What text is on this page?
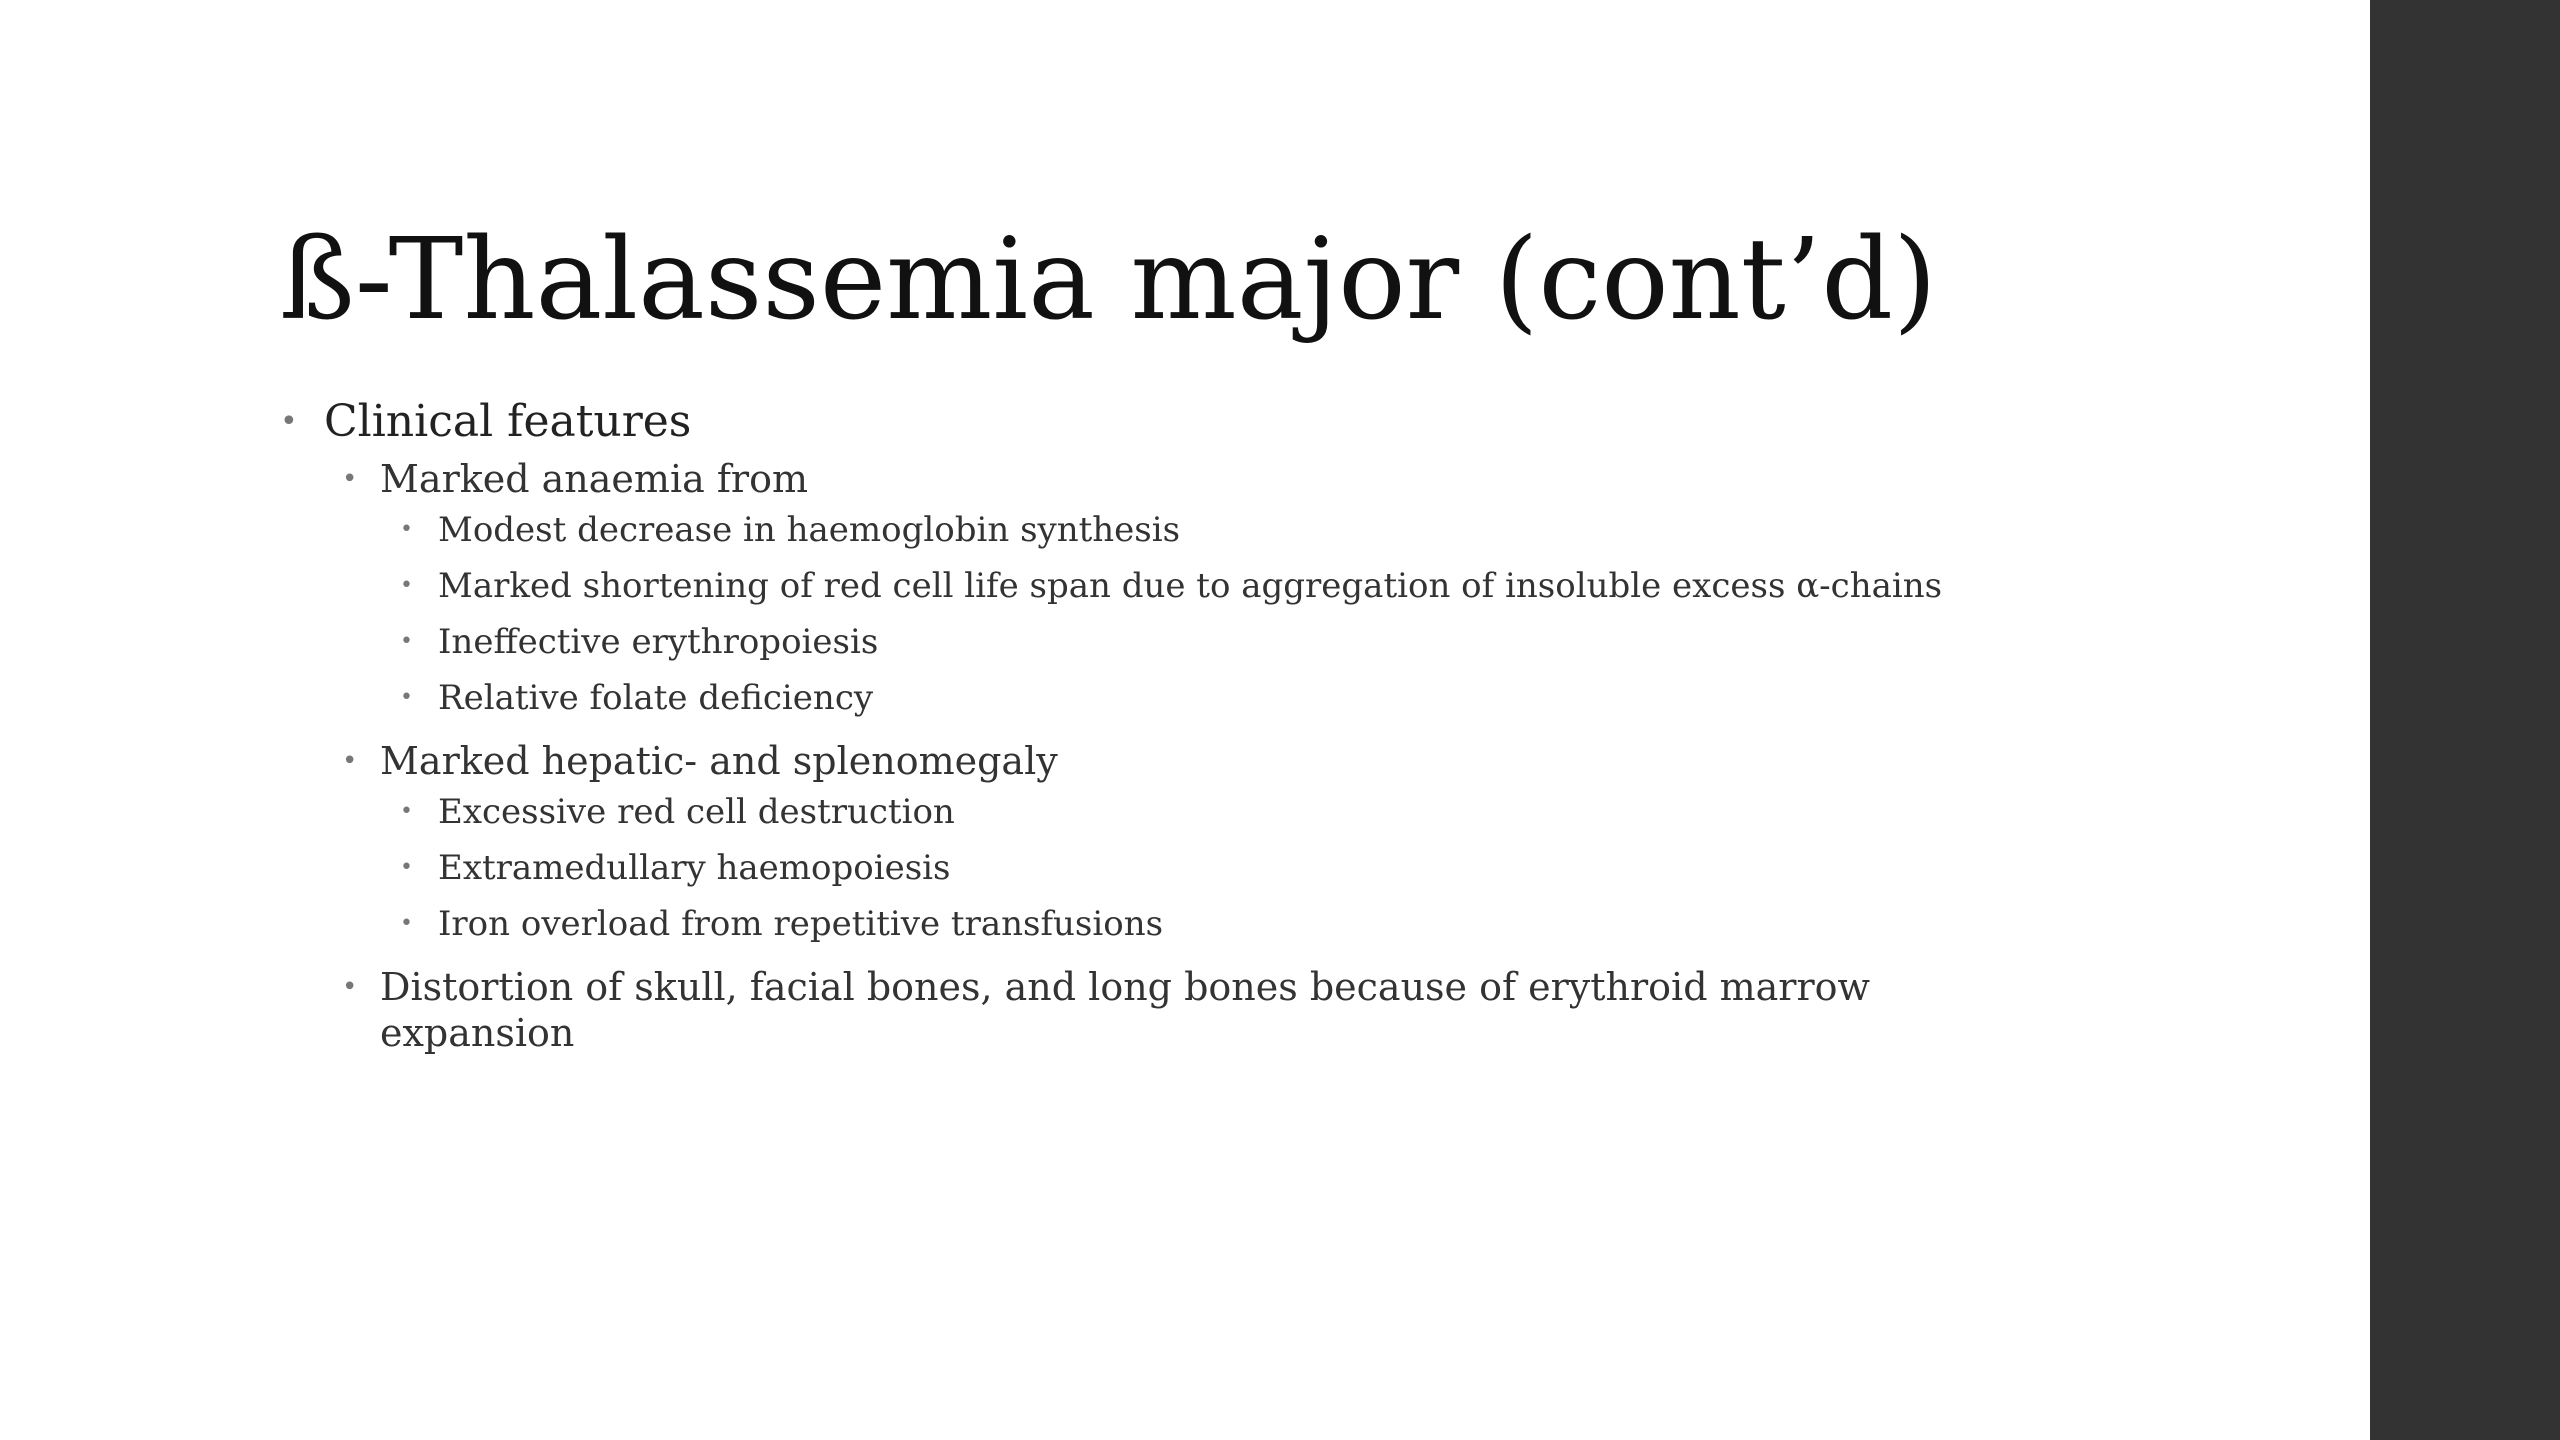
ß-Thalassemia major (cont’d)
• Clinical features
• Marked anaemia from
• Modest decrease in haemoglobin synthesis
• Marked shortening of red cell life span due to aggregation of insoluble excess α-chains
• Ineffective erythropoiesis
• Relative folate deficiency
• Marked hepatic- and splenomegaly
• Excessive red cell destruction
• Extramedullary haemopoiesis
• Iron overload from repetitive transfusions
• Distortion of skull, facial bones, and long bones because of erythroid marrow expansion
